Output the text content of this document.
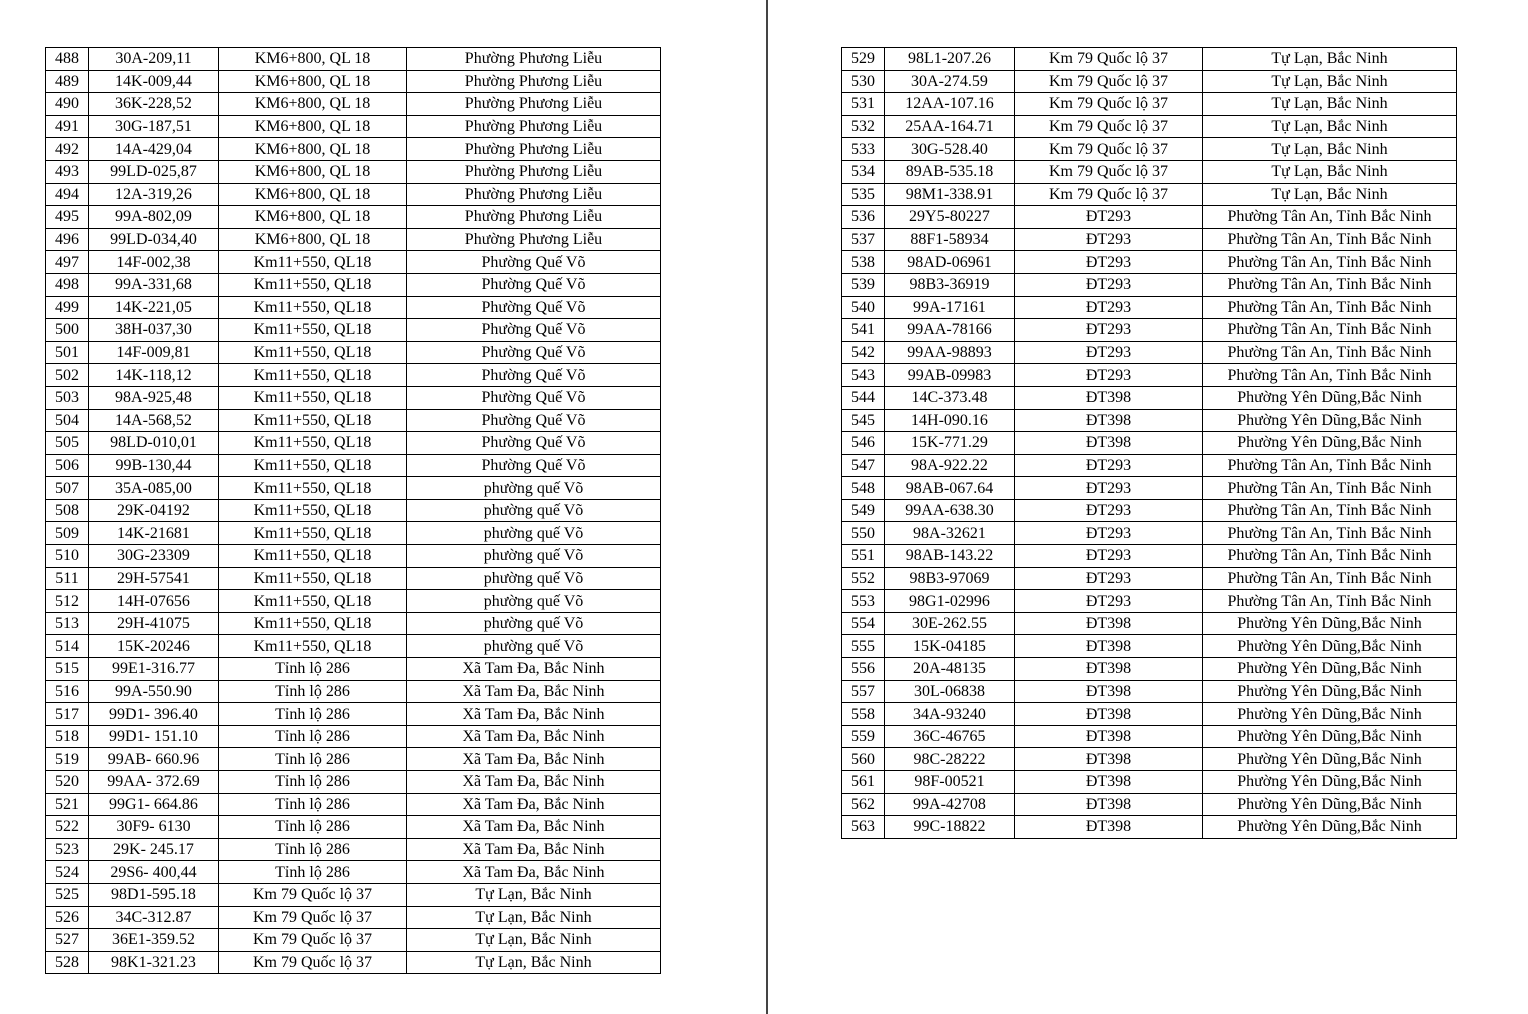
488	30A-209,11	KM6+800, QL 18	Phường Phương Liễu
489	14K-009,44	KM6+800, QL 18	Phường Phương Liễu
490	36K-228,52	KM6+800, QL 18	Phường Phương Liễu
491	30G-187,51	KM6+800, QL 18	Phường Phương Liễu
492	14A-429,04	KM6+800, QL 18	Phường Phương Liễu
493	99LD-025,87	KM6+800, QL 18	Phường Phương Liễu
494	12A-319,26	KM6+800, QL 18	Phường Phương Liễu
495	99A-802,09	KM6+800, QL 18	Phường Phương Liễu
496	99LD-034,40	KM6+800, QL 18	Phường Phương Liễu
497	14F-002,38	Km11+550, QL18	Phường Quế Võ
498	99A-331,68	Km11+550, QL18	Phường Quế Võ
499	14K-221,05	Km11+550, QL18	Phường Quế Võ
500	38H-037,30	Km11+550, QL18	Phường Quế Võ
501	14F-009,81	Km11+550, QL18	Phường Quế Võ
502	14K-118,12	Km11+550, QL18	Phường Quế Võ
503	98A-925,48	Km11+550, QL18	Phường Quế Võ
504	14A-568,52	Km11+550, QL18	Phường Quế Võ
505	98LD-010,01	Km11+550, QL18	Phường Quế Võ
506	99B-130,44	Km11+550, QL18	Phường Quế Võ
507	35A-085,00	Km11+550, QL18	phường quế Võ
508	29K-04192	Km11+550, QL18	phường quế Võ
509	14K-21681	Km11+550, QL18	phường quế Võ
510	30G-23309	Km11+550, QL18	phường quế Võ
511	29H-57541	Km11+550, QL18	phường quế Võ
512	14H-07656	Km11+550, QL18	phường quế Võ
513	29H-41075	Km11+550, QL18	phường quế Võ
514	15K-20246	Km11+550, QL18	phường quế Võ
515	99E1-316.77	Tỉnh lộ 286	Xã Tam Đa, Bắc Ninh
516	99A-550.90	Tỉnh lộ 286	Xã Tam Đa, Bắc Ninh
517	99D1- 396.40	Tỉnh lộ 286	Xã Tam Đa, Bắc Ninh
518	99D1- 151.10	Tỉnh lộ 286	Xã Tam Đa, Bắc Ninh
519	99AB- 660.96	Tỉnh lộ 286	Xã Tam Đa, Bắc Ninh
520	99AA- 372.69	Tỉnh lộ 286	Xã Tam Đa, Bắc Ninh
521	99G1- 664.86	Tỉnh lộ 286	Xã Tam Đa, Bắc Ninh
522	30F9- 6130	Tỉnh lộ 286	Xã Tam Đa, Bắc Ninh
523	29K- 245.17	Tỉnh lộ 286	Xã Tam Đa, Bắc Ninh
524	29S6- 400,44	Tỉnh lộ 286	Xã Tam Đa, Bắc Ninh
525	98D1-595.18	Km 79 Quốc lộ 37	Tự Lạn, Bắc Ninh
526	34C-312.87	Km 79 Quốc lộ 37	Tự Lạn, Bắc Ninh
527	36E1-359.52	Km 79 Quốc lộ 37	Tự Lạn, Bắc Ninh
528	98K1-321.23	Km 79 Quốc lộ 37	Tự Lạn, Bắc Ninh
529	98L1-207.26	Km 79 Quốc lộ 37	Tự Lạn, Bắc Ninh
530	30A-274.59	Km 79 Quốc lộ 37	Tự Lạn, Bắc Ninh
531	12AA-107.16	Km 79 Quốc lộ 37	Tự Lạn, Bắc Ninh
532	25AA-164.71	Km 79 Quốc lộ 37	Tự Lạn, Bắc Ninh
533	30G-528.40	Km 79 Quốc lộ 37	Tự Lạn, Bắc Ninh
534	89AB-535.18	Km 79 Quốc lộ 37	Tự Lạn, Bắc Ninh
535	98M1-338.91	Km 79 Quốc lộ 37	Tự Lạn, Bắc Ninh
536	29Y5-80227	ĐT293	Phường Tân An, Tỉnh Bắc Ninh
537	88F1-58934	ĐT293	Phường Tân An, Tỉnh Bắc Ninh
538	98AD-06961	ĐT293	Phường Tân An, Tỉnh Bắc Ninh
539	98B3-36919	ĐT293	Phường Tân An, Tỉnh Bắc Ninh
540	99A-17161	ĐT293	Phường Tân An, Tỉnh Bắc Ninh
541	99AA-78166	ĐT293	Phường Tân An, Tỉnh Bắc Ninh
542	99AA-98893	ĐT293	Phường Tân An, Tỉnh Bắc Ninh
543	99AB-09983	ĐT293	Phường Tân An, Tỉnh Bắc Ninh
544	14C-373.48	ĐT398	Phường Yên Dũng,Bắc Ninh
545	14H-090.16	ĐT398	Phường Yên Dũng,Bắc Ninh
546	15K-771.29	ĐT398	Phường Yên Dũng,Bắc Ninh
547	98A-922.22	ĐT293	Phường Tân An, Tỉnh Bắc Ninh
548	98AB-067.64	ĐT293	Phường Tân An, Tỉnh Bắc Ninh
549	99AA-638.30	ĐT293	Phường Tân An, Tỉnh Bắc Ninh
550	98A-32621	ĐT293	Phường Tân An, Tỉnh Bắc Ninh
551	98AB-143.22	ĐT293	Phường Tân An, Tỉnh Bắc Ninh
552	98B3-97069	ĐT293	Phường Tân An, Tỉnh Bắc Ninh
553	98G1-02996	ĐT293	Phường Tân An, Tỉnh Bắc Ninh
554	30E-262.55	ĐT398	Phường Yên Dũng,Bắc Ninh
555	15K-04185	ĐT398	Phường Yên Dũng,Bắc Ninh
556	20A-48135	ĐT398	Phường Yên Dũng,Bắc Ninh
557	30L-06838	ĐT398	Phường Yên Dũng,Bắc Ninh
558	34A-93240	ĐT398	Phường Yên Dũng,Bắc Ninh
559	36C-46765	ĐT398	Phường Yên Dũng,Bắc Ninh
560	98C-28222	ĐT398	Phường Yên Dũng,Bắc Ninh
561	98F-00521	ĐT398	Phường Yên Dũng,Bắc Ninh
562	99A-42708	ĐT398	Phường Yên Dũng,Bắc Ninh
563	99C-18822	ĐT398	Phường Yên Dũng,Bắc Ninh
